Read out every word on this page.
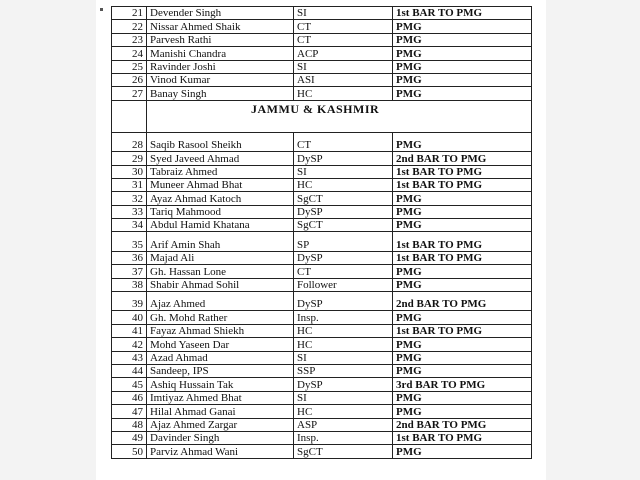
21	Devender Singh	SI	1st BAR TO PMG
22	Nissar Ahmed Shaik	CT	PMG
23	Parvesh Rathi	CT	PMG
24	Manishi Chandra	ACP	PMG
25	Ravinder Joshi	SI	PMG
26	Vinod Kumar	ASI	PMG
27	Banay Singh	HC	PMG
	JAMMU & KASHMIR		
28	Saqib Rasool Sheikh	CT	PMG
29	Syed Javeed Ahmad	DySP	2nd BAR TO PMG
30	Tabraiz Ahmed	SI	1st BAR TO PMG
31	Muneer Ahmad Bhat	HC	1st BAR TO PMG
32	Ayaz Ahmad Katoch	SgCT	PMG
33	Tariq Mahmood	DySP	PMG
34	Abdul Hamid Khatana	SgCT	PMG
35	Arif Amin Shah	SP	1st BAR TO PMG
36	Majad Ali	DySP	1st BAR TO PMG
37	Gh. Hassan Lone	CT	PMG
38	Shabir Ahmad Sohil	Follower	PMG
39	Ajaz Ahmed	DySP	2nd BAR TO PMG
40	Gh. Mohd Rather	Insp.	PMG
41	Fayaz Ahmad Shiekh	HC	1st BAR TO PMG
42	Mohd Yaseen Dar	HC	PMG
43	Azad Ahmad	SI	PMG
44	Sandeep, IPS	SSP	PMG
45	Ashiq Hussain Tak	DySP	3rd BAR TO PMG
46	Imtiyaz Ahmed Bhat	SI	PMG
47	Hilal Ahmad Ganai	HC	PMG
48	Ajaz Ahmed Zargar	ASP	2nd BAR TO PMG
49	Davinder Singh	Insp.	1st BAR TO PMG
50	Parviz Ahmad Wani	SgCT	PMG
